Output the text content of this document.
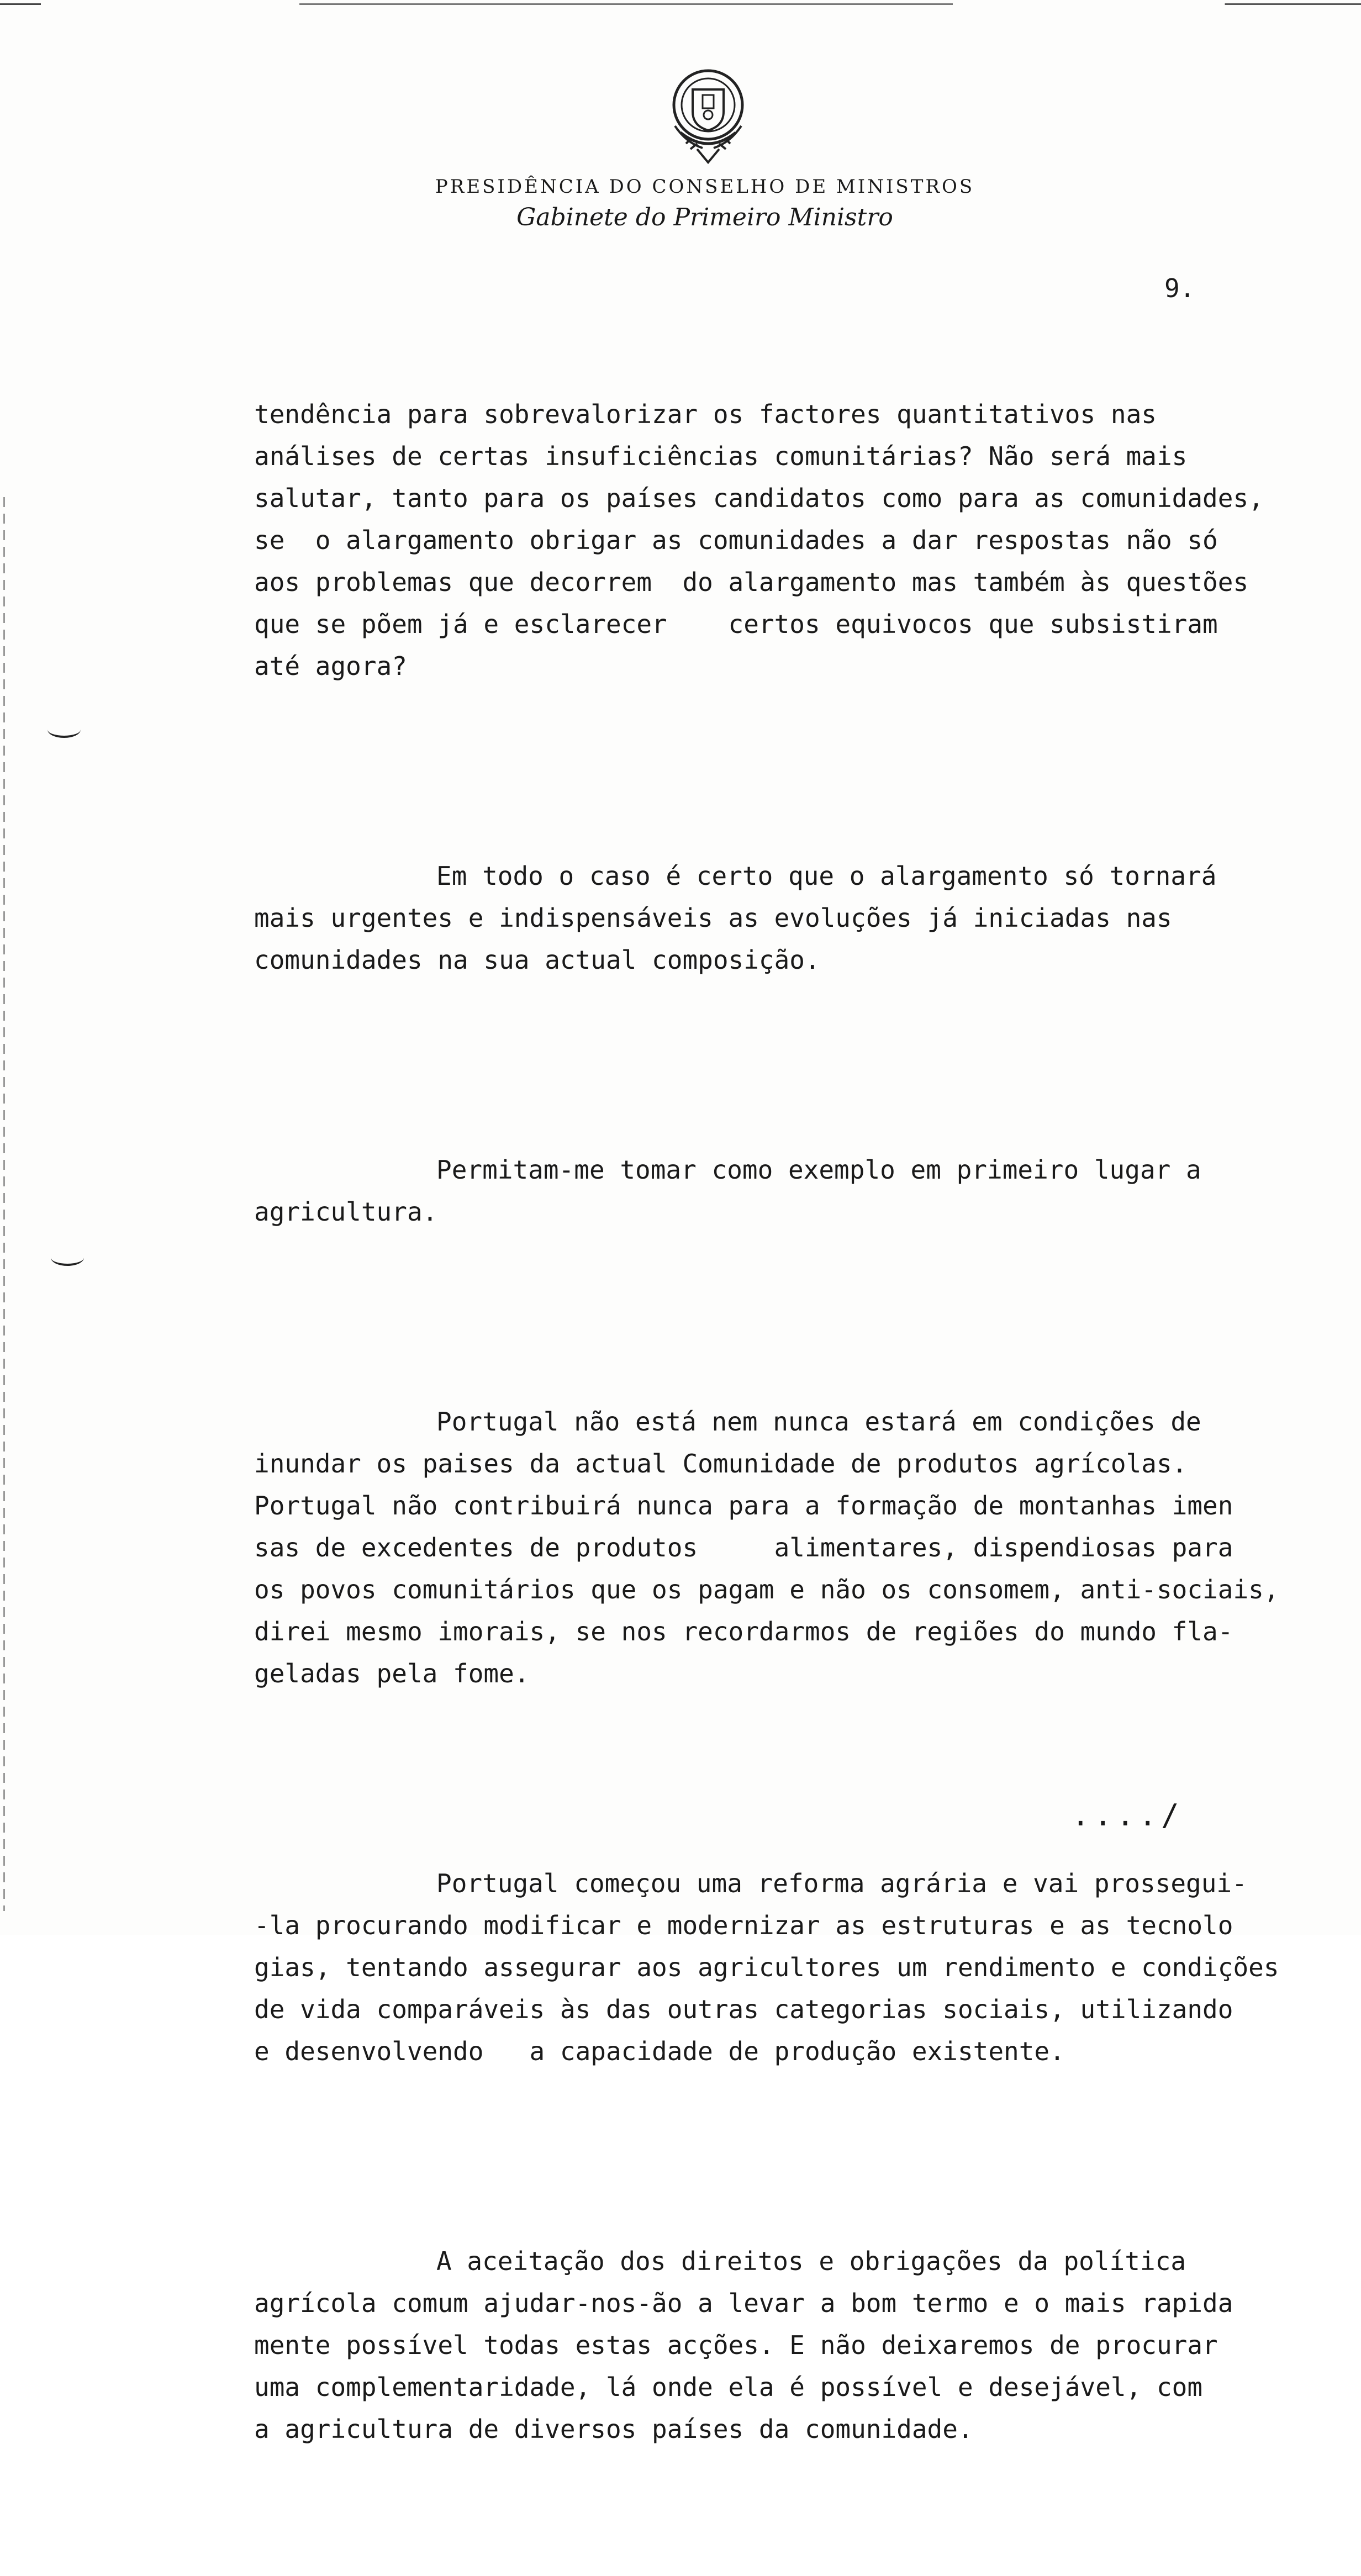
PRESIDÊNCIA DO CONSELHO DE MINISTROS
Gabinete do Primeiro Ministro
9.

tendência para sobrevalorizar os factores quantitativos nas
análises de certas insuficiências comunitárias? Não será mais
salutar, tanto para os países candidatos como para as comunidades,
se  o alargamento obrigar as comunidades a dar respostas não só
aos problemas que decorrem  do alargamento mas também às questões
que se põem já e esclarecer    certos equivocos que subsistiram
até agora?

Em todo o caso é certo que o alargamento só tornará
mais urgentes e indispensáveis as evoluções já iniciadas nas
comunidades na sua actual composição.

Permitam-me tomar como exemplo em primeiro lugar a
agricultura.

Portugal não está nem nunca estará em condições de
inundar os paises da actual Comunidade de produtos agrícolas.
Portugal não contribuirá nunca para a formação de montanhas imen
sas de excedentes de produtos     alimentares, dispendiosas para
os povos comunitários que os pagam e não os consomem, anti-sociais,
direi mesmo imorais, se nos recordarmos de regiões do mundo fla-
geladas pela fome.

Portugal começou uma reforma agrária e vai prossegui-
-la procurando modificar e modernizar as estruturas e as tecnolo
gias, tentando assegurar aos agricultores um rendimento e condições
de vida comparáveis às das outras categorias sociais, utilizando
e desenvolvendo   a capacidade de produção existente.

A aceitação dos direitos e obrigações da política
agrícola comum ajudar-nos-ão a levar a bom termo e o mais rapida
mente possível todas estas acções. E não deixaremos de procurar
uma complementaridade, lá onde ela é possível e desejável, com
a agricultura de diversos países da comunidade.

..../
